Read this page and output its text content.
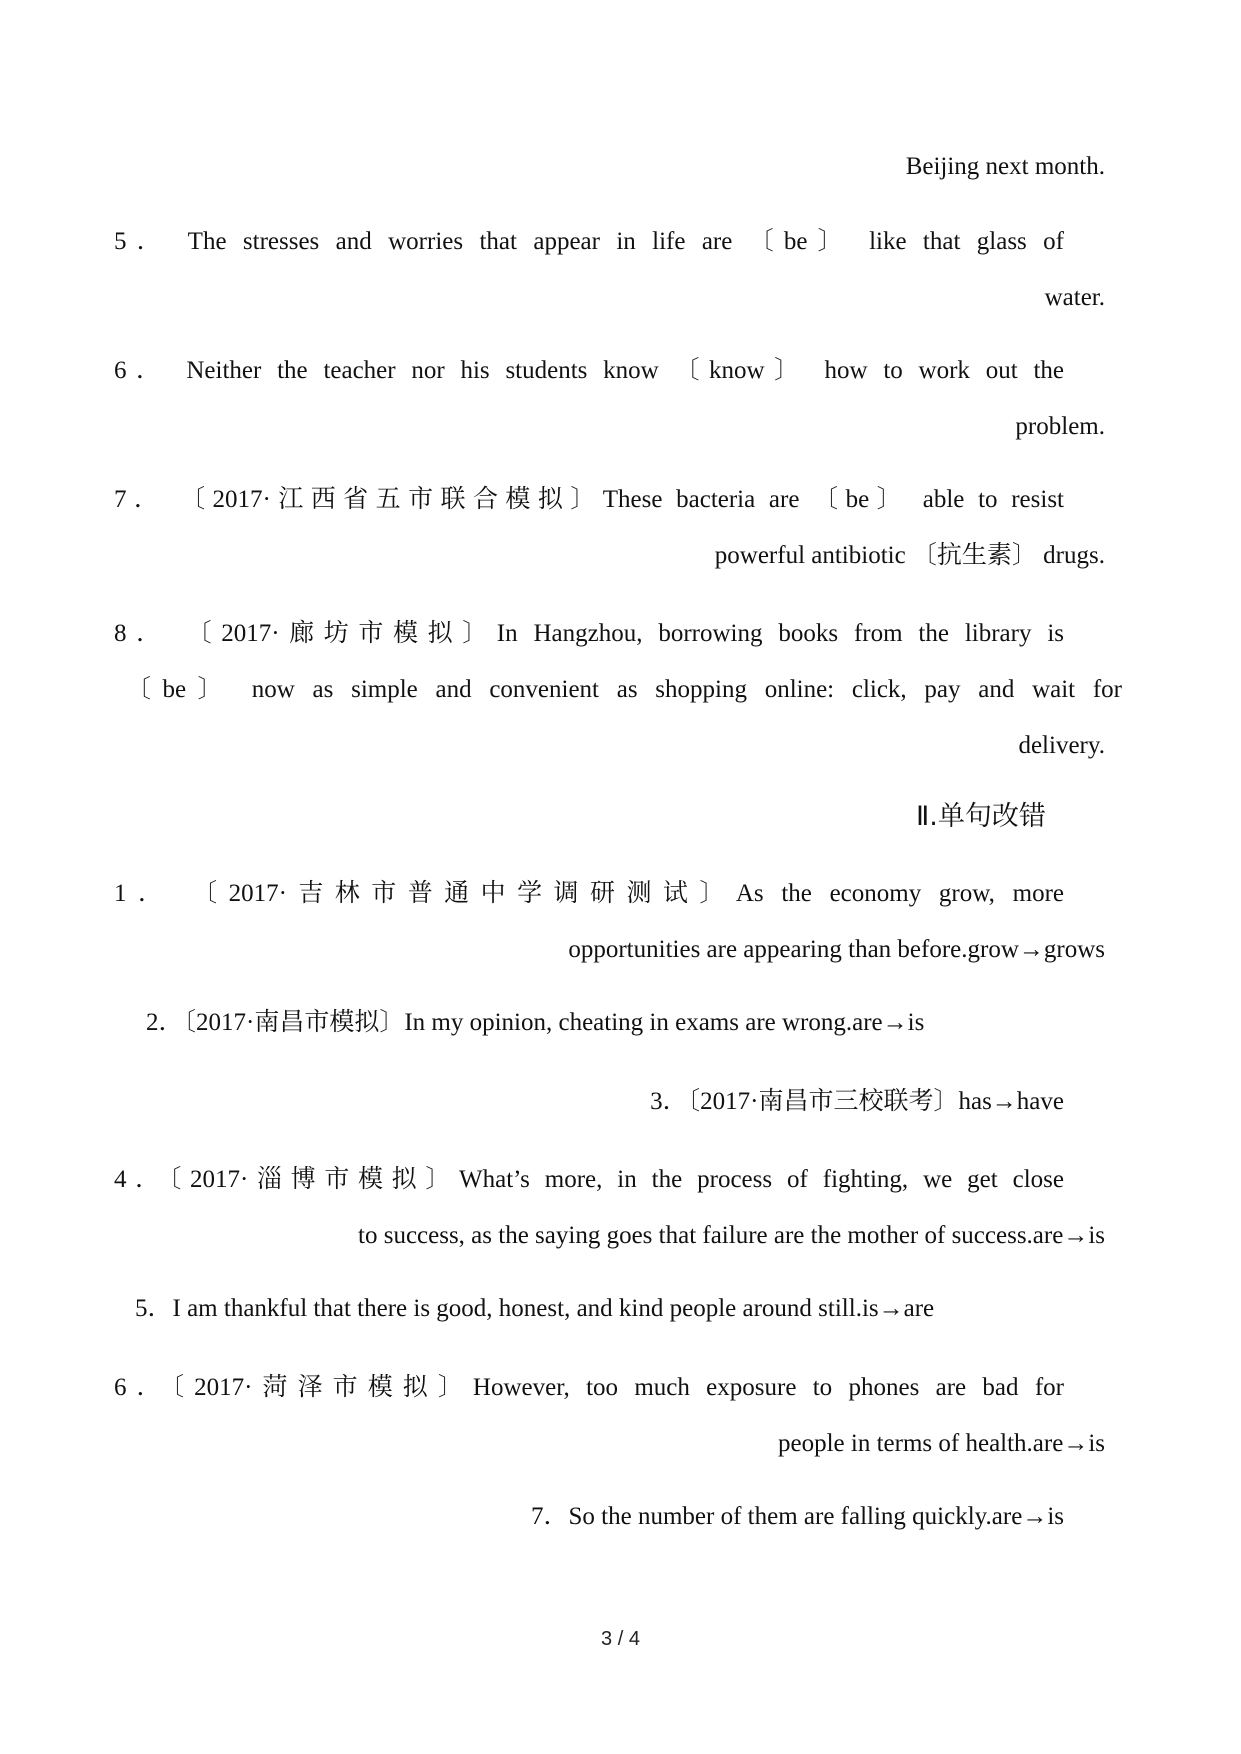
Beijing next month.
5． The stresses and worries that appear in life are 〔be〕 like that glass of
water.
6． Neither the teacher nor his students know 〔know〕 how to work out the
problem.
7． 〔2017·江西省五市联合模拟〕These bacteria are 〔be〕 able to resist
powerful antibiotic 〔抗生素〕 drugs.
8． 〔2017·廊坊市模拟〕In Hangzhou, borrowing books from the library is
〔be〕 now as simple and convenient as shopping online: click, pay and wait for
delivery.
Ⅱ.单句改错
1． 〔2017·吉林市普通中学调研测试〕As the economy grow, more
opportunities are appearing than before.grow→grows
2．〔2017·南昌市模拟〕In my opinion, cheating in exams are wrong.are→is
3．〔2017·南昌市三校联考〕has→have
4．〔2017·淄博市模拟〕What’s more, in the process of fighting, we get close
to success, as the saying goes that failure are the mother of success.are→is
5．I am thankful that there is good, honest, and kind people around still.is→are
6．〔2017·菏泽市模拟〕However, too much exposure to phones are bad for
people in terms of health.are→is
7．So the number of them are falling quickly.are→is
3 / 4
